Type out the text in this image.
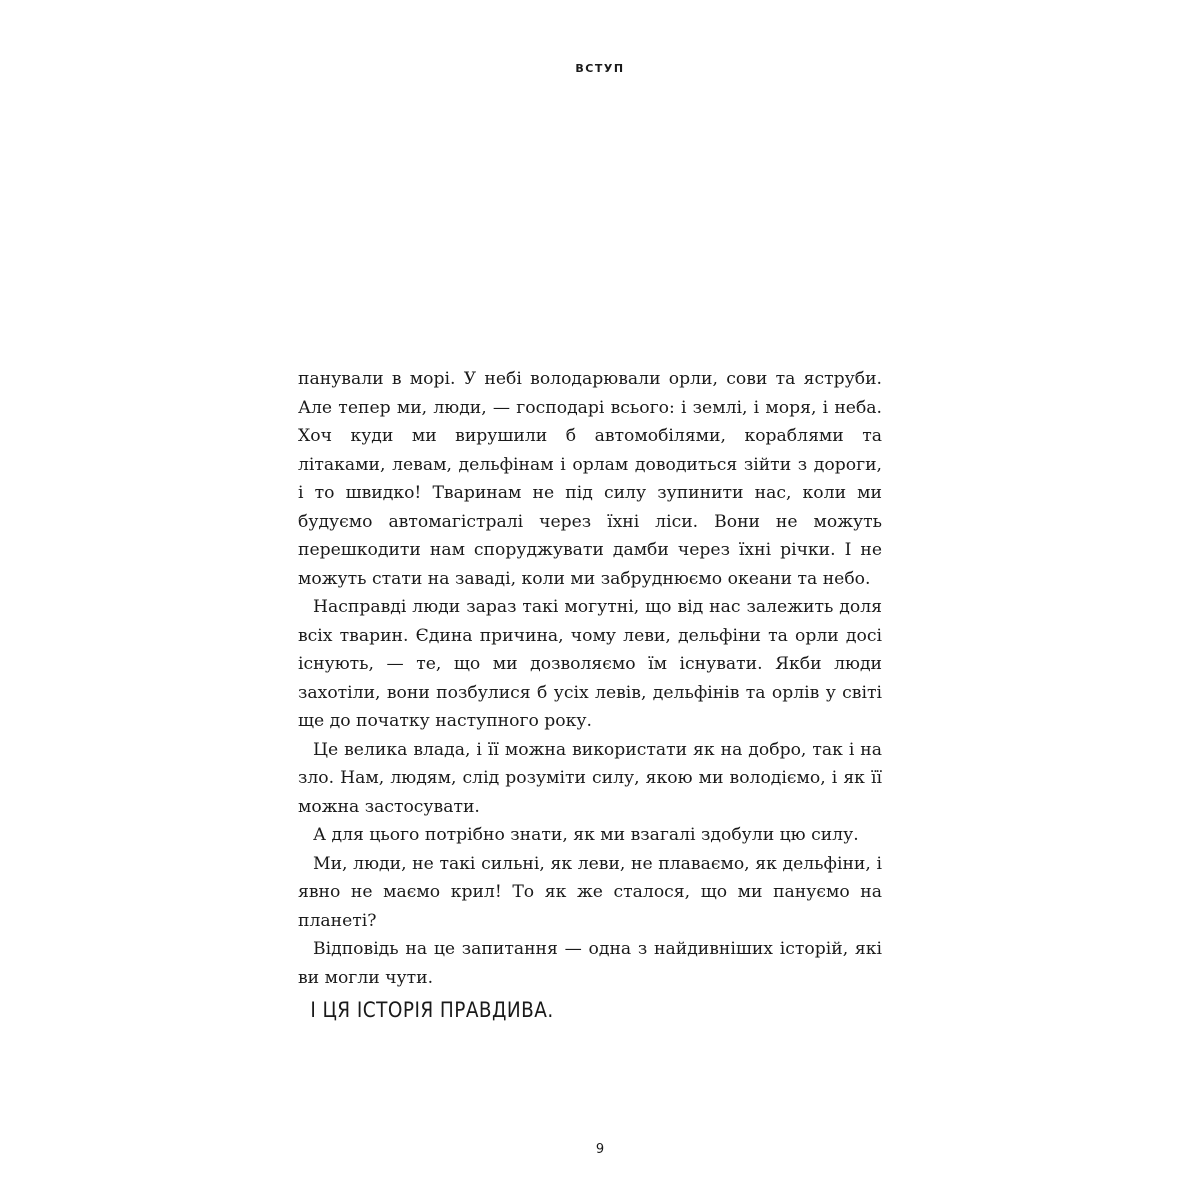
ВСТУП

панували в морі. У небі володарювали орли, сови та яструби. Але тепер ми, люди, — господарі всього: і землі, і моря, і неба. Хоч куди ми вирушили б автомобілями, кораблями та літаками, левам, дельфінам і орлам доводиться зійти з дороги, і то швидко! Тваринам не під силу зупинити нас, коли ми будуємо автомагістралі через їхні ліси. Вони не можуть перешкодити нам споруджувати дамби через їхні річки. І не можуть стати на заваді, коли ми забруднюємо океани та небо.

Насправді люди зараз такі могутні, що від нас залежить доля всіх тварин. Єдина причина, чому леви, дельфіни та орли досі існують, — те, що ми дозволяємо їм існувати. Якби люди захотіли, вони позбулися б усіх левів, дельфінів та орлів у світі ще до початку наступного року.

Це велика влада, і її можна використати як на добро, так і на зло. Нам, людям, слід розуміти силу, якою ми володіємо, і як її можна застосувати.

А для цього потрібно знати, як ми взагалі здобули цю силу.

Ми, люди, не такі сильні, як леви, не плаваємо, як дельфіни, і явно не маємо крил! То як же сталося, що ми пануємо на планеті?

Відповідь на це запитання — одна з найдивніших історій, які ви могли чути.

І ЦЯ ІСТОРІЯ ПРАВДИВА.

9
